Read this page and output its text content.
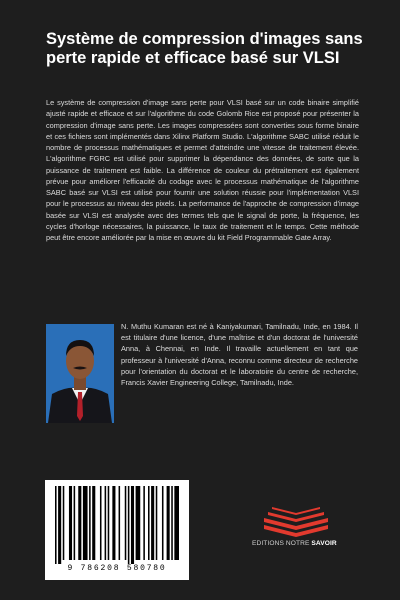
Système de compression d'images sans perte rapide et efficace basé sur VLSI
Le système de compression d'image sans perte pour VLSI basé sur un code binaire simplifié ajusté rapide et efficace et sur l'algorithme du code Golomb Rice est proposé pour présenter la compression d'image sans perte. Les images compressées sont converties sous forme binaire et ces fichiers sont implémentés dans Xilinx Platform Studio. L'algorithme SABC utilisé réduit le nombre de processus mathématiques et permet d'atteindre une vitesse de traitement élevée. L'algorithme FGRC est utilisé pour supprimer la dépendance des données, de sorte que la puissance de traitement est faible. La différence de couleur du prétraitement est également prévue pour améliorer l'efficacité du codage avec le processus mathématique de l'algorithme SABC basé sur VLSI est utilisé pour fournir une solution réussie pour l'implémentation VLSI pour le processus au niveau des pixels. La performance de l'approche de compression d'image basée sur VLSI est analysée avec des termes tels que le signal de porte, la fréquence, les cycles d'horloge nécessaires, la puissance, le taux de traitement et le temps. Cette méthode peut être encore améliorée par la mise en œuvre du kit Field Programmable Gate Array.
N. Muthu Kumaran est né à Kaniyakumari, Tamilnadu, Inde, en 1984. Il est titulaire d'une licence, d'une maîtrise et d'un doctorat de l'université Anna, à Chennai, en Inde. Il travaille actuellement en tant que professeur à l'université d'Anna, reconnu comme directeur de recherche pour l'orientation du doctorat et le laboratoire du centre de recherche, Francis Xavier Engineering College, Tamilnadu, Inde.
9 786208 580780
EDITIONS NOTRE SAVOIR
